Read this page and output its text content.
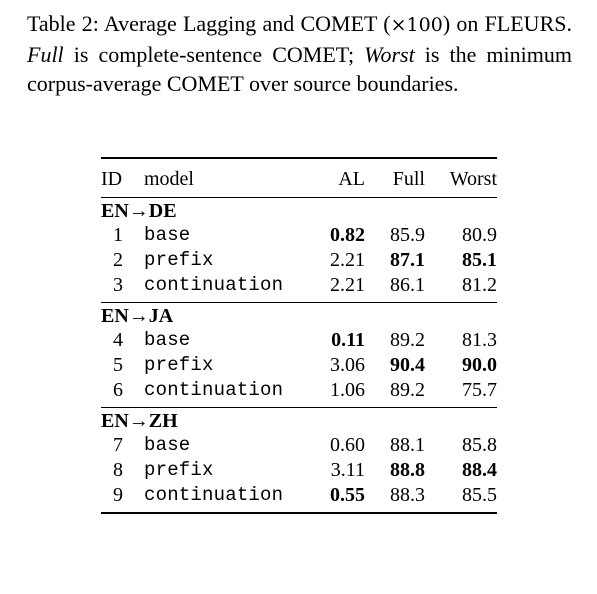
Table 2: Average Lagging and COMET (×100) on FLEURS. Full is complete-sentence COMET; Worst is the minimum corpus-average COMET over source boundaries.
ID model	AL	Full	Worst
EN→DE
1 base	0.82	85.9	80.9
2 prefix	2.21	87.1	85.1
3 continuation	2.21	86.1	81.2
EN→JA
4 base	0.11	89.2	81.3
5 prefix	3.06	90.4	90.0
6 continuation	1.06	89.2	75.7
EN→ZH
7 base	0.60	88.1	85.8
8 prefix	3.11	88.8	88.4
9 continuation	0.55	88.3	85.5
